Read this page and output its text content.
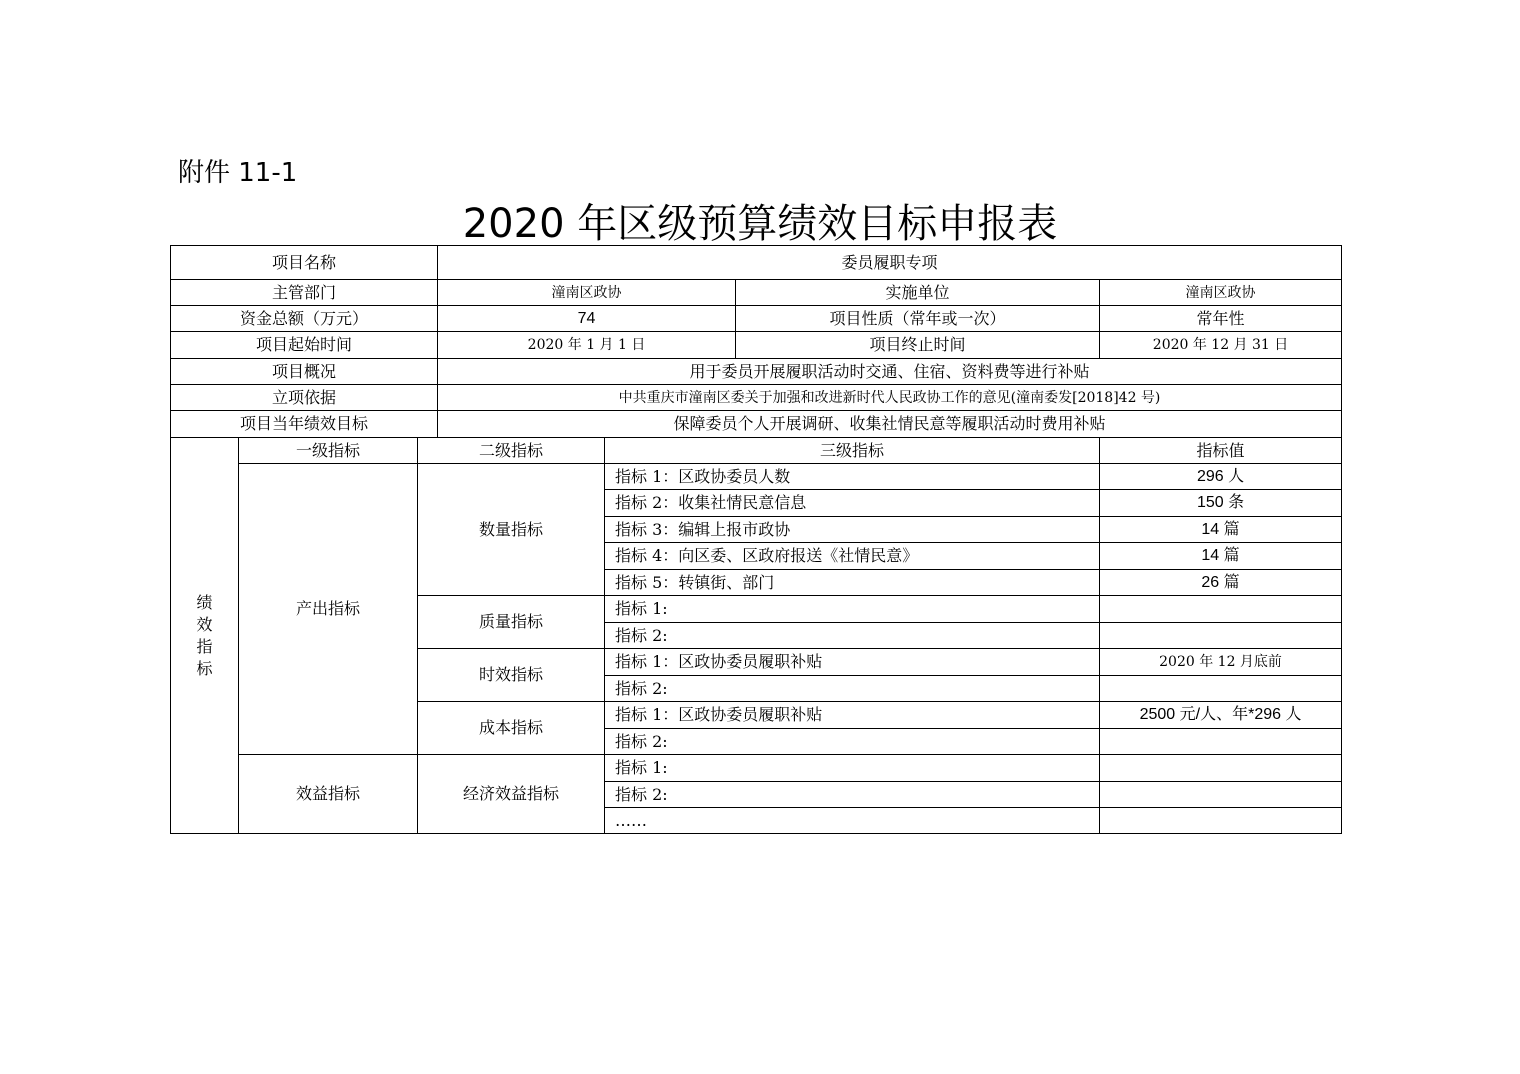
附件 11-1
2020 年区级预算绩效目标申报表
项目名称			委员履职专项			
主管部门			潼南区政协		实施单位	潼南区政协
资金总额（万元）			74		项目性质（常年或一次）	常年性
项目起始时间			2020 年 1 月 1 日		项目终止时间	2020 年 12 月 31 日
项目概况			用于委员开展履职活动时交通、住宿、资料费等进行补贴			
立项依据			中共重庆市潼南区委关于加强和改进新时代人民政协工作的意见(潼南委发[2018]42 号)			
项目当年绩效目标			保障委员个人开展调研、收集社情民意等履职活动时费用补贴			

绩效指标	一级指标	二级指标		三级指标		指标值
	产出指标	数量指标		指标 1：区政协委员人数		296 人
				指标 2：收集社情民意信息		150 条
				指标 3：编辑上报市政协		14 篇
				指标 4：向区委、区政府报送《社情民意》		14 篇
				指标 5：转镇街、部门		26 篇
		质量指标		指标 1:		
				指标 2:		
		时效指标		指标 1：区政协委员履职补贴		2020 年 12 月底前
				指标 2:		
		成本指标		指标 1：区政协委员履职补贴		2500 元/人、年*296 人
				指标 2:		
	效益指标	经济效益指标		指标 1:		
				指标 2:		
				……		
